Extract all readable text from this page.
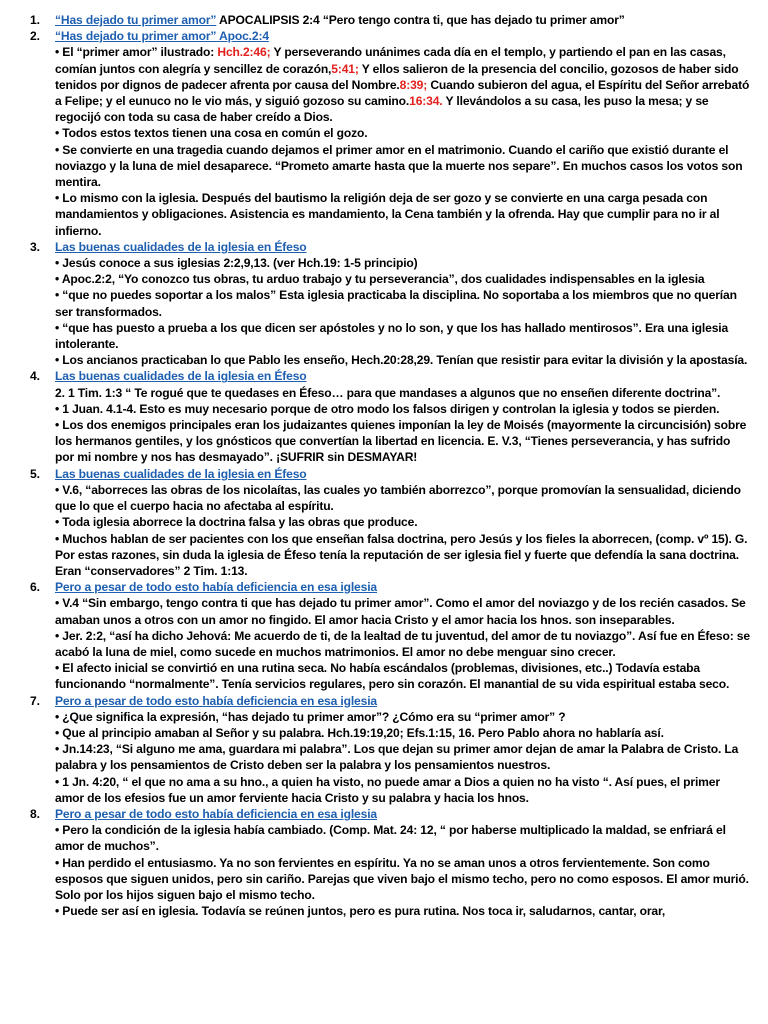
1. “Has dejado tu primer amor” APOCALIPSIS 2:4 “Pero tengo contra ti, que has dejado tu primer amor”
2. “Has dejado tu primer amor” Apoc.2:4

• El “primer amor” ilustrado: Hch.2:46; Y perseverando unánimes cada día en el templo, y partiendo el pan en las casas, comían juntos con alegría y sencillez de corazón,5:41; Y ellos salieron de la presencia del concilio, gozosos de haber sido tenidos por dignos de padecer afrenta por causa del Nombre.8:39; Cuando subieron del agua, el Espíritu del Señor arrebató a Felipe; y el eunuco no le vio más, y siguió gozoso su camino.16:34. Y llevándolos a su casa, les puso la mesa; y se regocijó con toda su casa de haber creído a Dios.

• Todos estos textos tienen una cosa en común el gozo.

• Se convierte en una tragedia cuando dejamos el primer amor en el matrimonio. Cuando el cariño que existió durante el noviazgo y la luna de miel desaparece. “Prometo amarte hasta que la muerte nos separe”. En muchos casos los votos son mentira.

• Lo mismo con la iglesia. Después del bautismo la religión deja de ser gozo y se convierte en una carga pesada con mandamientos y obligaciones. Asistencia es mandamiento, la Cena también y la ofrenda. Hay que cumplir para no ir al infierno.

3. Las buenas cualidades de la iglesia en Éfeso

• Jesús conoce a sus iglesias 2:2,9,13. (ver Hch.19: 1-5 principio)

• Apoc.2:2, “Yo conozco tus obras, tu arduo trabajo y tu perseverancia”, dos cualidades indispensables en la iglesia

• “que no puedes soportar a los malos” Esta iglesia practicaba la disciplina. No soportaba a los miembros que no querían ser transformados.

• “que has puesto a prueba a los que dicen ser apóstoles y no lo son, y que los has hallado mentirosos”. Era una iglesia intolerante.

• Los ancianos practicaban lo que Pablo les enseño, Hech.20:28,29. Tenían que resistir para evitar la división y la apostasía.

4. Las buenas cualidades de la iglesia en Éfeso

2. 1 Tim. 1:3 “ Te rogué que te quedases en Éfeso… para que mandases a algunos que no enseñen diferente doctrina”.

• 1 Juan. 4.1-4. Esto es muy necesario porque de otro modo los falsos dirigen y controlan la iglesia y todos se pierden.

• Los dos enemigos principales eran los judaizantes quienes imponían la ley de Moisés (mayormente la circuncisión) sobre los hermanos gentiles, y los gnósticos que convertían la libertad en licencia. E. V.3, “Tienes perseverancia, y has sufrido por mi nombre y nos has desmayado”. ¡SUFRIR sin DESMAYAR!

5. Las buenas cualidades de la iglesia en Éfeso

• V.6, “aborreces las obras de los nicolaítas, las cuales yo también aborrezco”, porque promovían la sensualidad, diciendo que lo que el cuerpo hacia no afectaba al espíritu.

• Toda iglesia aborrece la doctrina falsa y las obras que produce.

• Muchos hablan de ser pacientes con los que enseñan falsa doctrina, pero Jesús y los fieles la aborrecen, (comp. vº 15). G. Por estas razones, sin duda la iglesia de Éfeso tenía la reputación de ser iglesia fiel y fuerte que defendía la sana doctrina. Eran “conservadores” 2 Tim. 1:13.

6. Pero a pesar de todo esto había deficiencia en esa iglesia

• V.4 “Sin embargo, tengo contra ti que has dejado tu primer amor”. Como el amor del noviazgo y de los recién casados. Se amaban unos a otros con un amor no fingido. El amor hacia Cristo y el amor hacia los hnos. son inseparables.

• Jer. 2:2, “así ha dicho Jehová: Me acuerdo de ti, de la lealtad de tu juventud, del amor de tu noviazgo”. Así fue en Éfeso: se acabó la luna de miel, como sucede en muchos matrimonios. El amor no debe menguar sino crecer.

• El afecto inicial se convirtió en una rutina seca. No había escándalos (problemas, divisiones, etc..) Todavía estaba funcionando “normalmente”. Tenía servicios regulares, pero sin corazón. El manantial de su vida espiritual estaba seco.

7. Pero a pesar de todo esto había deficiencia en esa iglesia

• ¿Que significa la expresión, “has dejado tu primer amor”? ¿Cómo era su “primer amor” ?

• Que al principio amaban al Señor y su palabra. Hch.19:19,20; Efs.1:15, 16. Pero Pablo ahora no hablaría así.

• Jn.14:23, “Si alguno me ama, guardara mi palabra”. Los que dejan su primer amor dejan de amar la Palabra de Cristo. La palabra y los pensamientos de Cristo deben ser la palabra y los pensamientos nuestros.

• 1 Jn. 4:20, “ el que no ama a su hno., a quien ha visto, no puede amar a Dios a quien no ha visto “. Así pues, el primer amor de los efesios fue un amor ferviente hacia Cristo y su palabra y hacia los hnos.

8. Pero a pesar de todo esto había deficiencia en esa iglesia

• Pero la condición de la iglesia había cambiado. (Comp. Mat. 24: 12, “ por haberse multiplicado la maldad, se enfriará el amor de muchos”.

• Han perdido el entusiasmo. Ya no son fervientes en espíritu. Ya no se aman unos a otros fervientemente. Son como esposos que siguen unidos, pero sin cariño. Parejas que viven bajo el mismo techo, pero no como esposos. El amor murió. Solo por los hijos siguen bajo el mismo techo.

• Puede ser así en iglesia. Todavía se reúnen juntos, pero es pura rutina. Nos toca ir, saludarnos, cantar, orar,
